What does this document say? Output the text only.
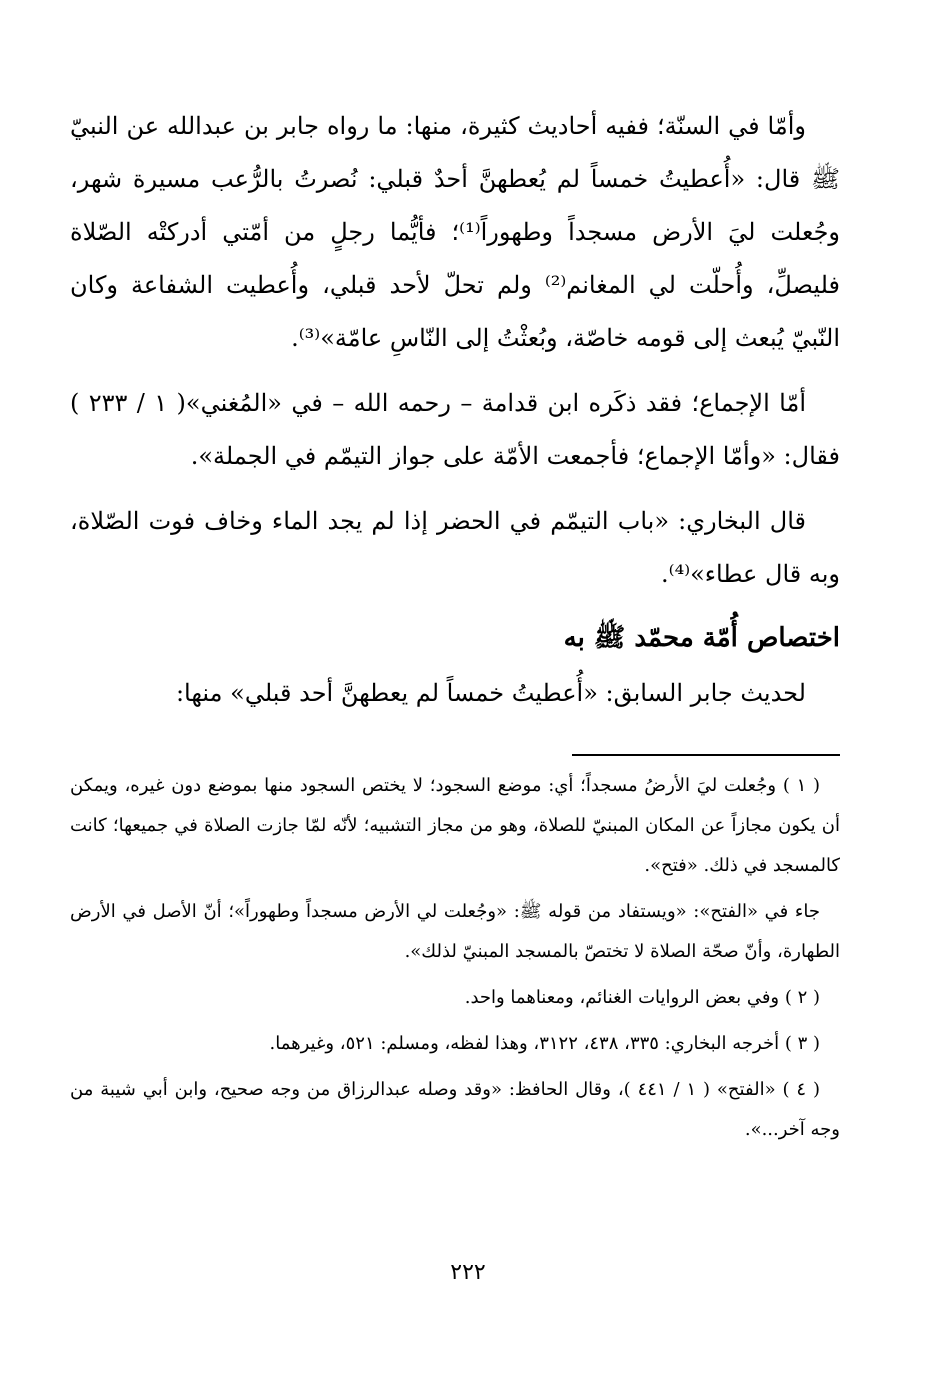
وأمّا في السنّة؛ ففيه أحاديث كثيرة، منها: ما رواه جابر بن عبدالله عن النبيّ ﷺ قال: «أُعطيتُ خمساً لم يُعطهنَّ أحدٌ قبلي: نُصرتُ بالرُّعب مسيرة شهر، وجُعلت ليَ الأرض مسجداً وطهوراً⁽¹⁾؛ فأيُّما رجلٍ من أمّتي أدركتْه الصّلاة فليصلِّ، وأُحلّت لي المغانم⁽²⁾ ولم تحلّ لأحد قبلي، وأُعطيت الشفاعة وكان النّبيّ يُبعث إلى قومه خاصّة، وبُعثْتُ إلى النّاسِ عامّة»⁽³⁾.

أمّا الإجماع؛ فقد ذكَره ابن قدامة – رحمه الله – في «المُغني»( ١ / ٢٣٣ ) فقال: «وأمّا الإجماع؛ فأجمعت الأمّة على جواز التيمّم في الجملة».

قال البخاري: «باب التيمّم في الحضر إذا لم يجد الماء وخاف فوت الصّلاة، وبه قال عطاء»⁽⁴⁾.

اختصاص أُمّة محمّد ﷺ به

لحديث جابر السابق: «أُعطيتُ خمساً لم يعطهنَّ أحد قبلي» منها:

( ١ ) وجُعلت ليَ الأرضُ مسجداً؛ أي: موضع السجود؛ لا يختص السجود منها بموضع دون غيره، ويمكن أن يكون مجازاً عن المكان المبنيّ للصلاة، وهو من مجاز التشبيه؛ لأنّه لمّا جازت الصلاة في جميعها؛ كانت كالمسجد في ذلك. «فتح».

جاء في «الفتح»: «ويستفاد من قوله ﷺ: «وجُعلت لي الأرض مسجداً وطهوراً»؛ أنّ الأصل في الأرض الطهارة، وأنّ صحّة الصلاة لا تختصّ بالمسجد المبنيّ لذلك».

( ٢ ) وفي بعض الروايات الغنائم، ومعناهما واحد.

( ٣ ) أخرجه البخاري: ٣٣٥، ٤٣٨، ٣١٢٢، وهذا لفظه، ومسلم: ٥٢١، وغيرهما.

( ٤ ) «الفتح» ( ١ / ٤٤١ )، وقال الحافظ: «وقد وصله عبدالرزاق من وجه صحيح، وابن أبي شيبة من وجه آخر...».

٢٢٢
